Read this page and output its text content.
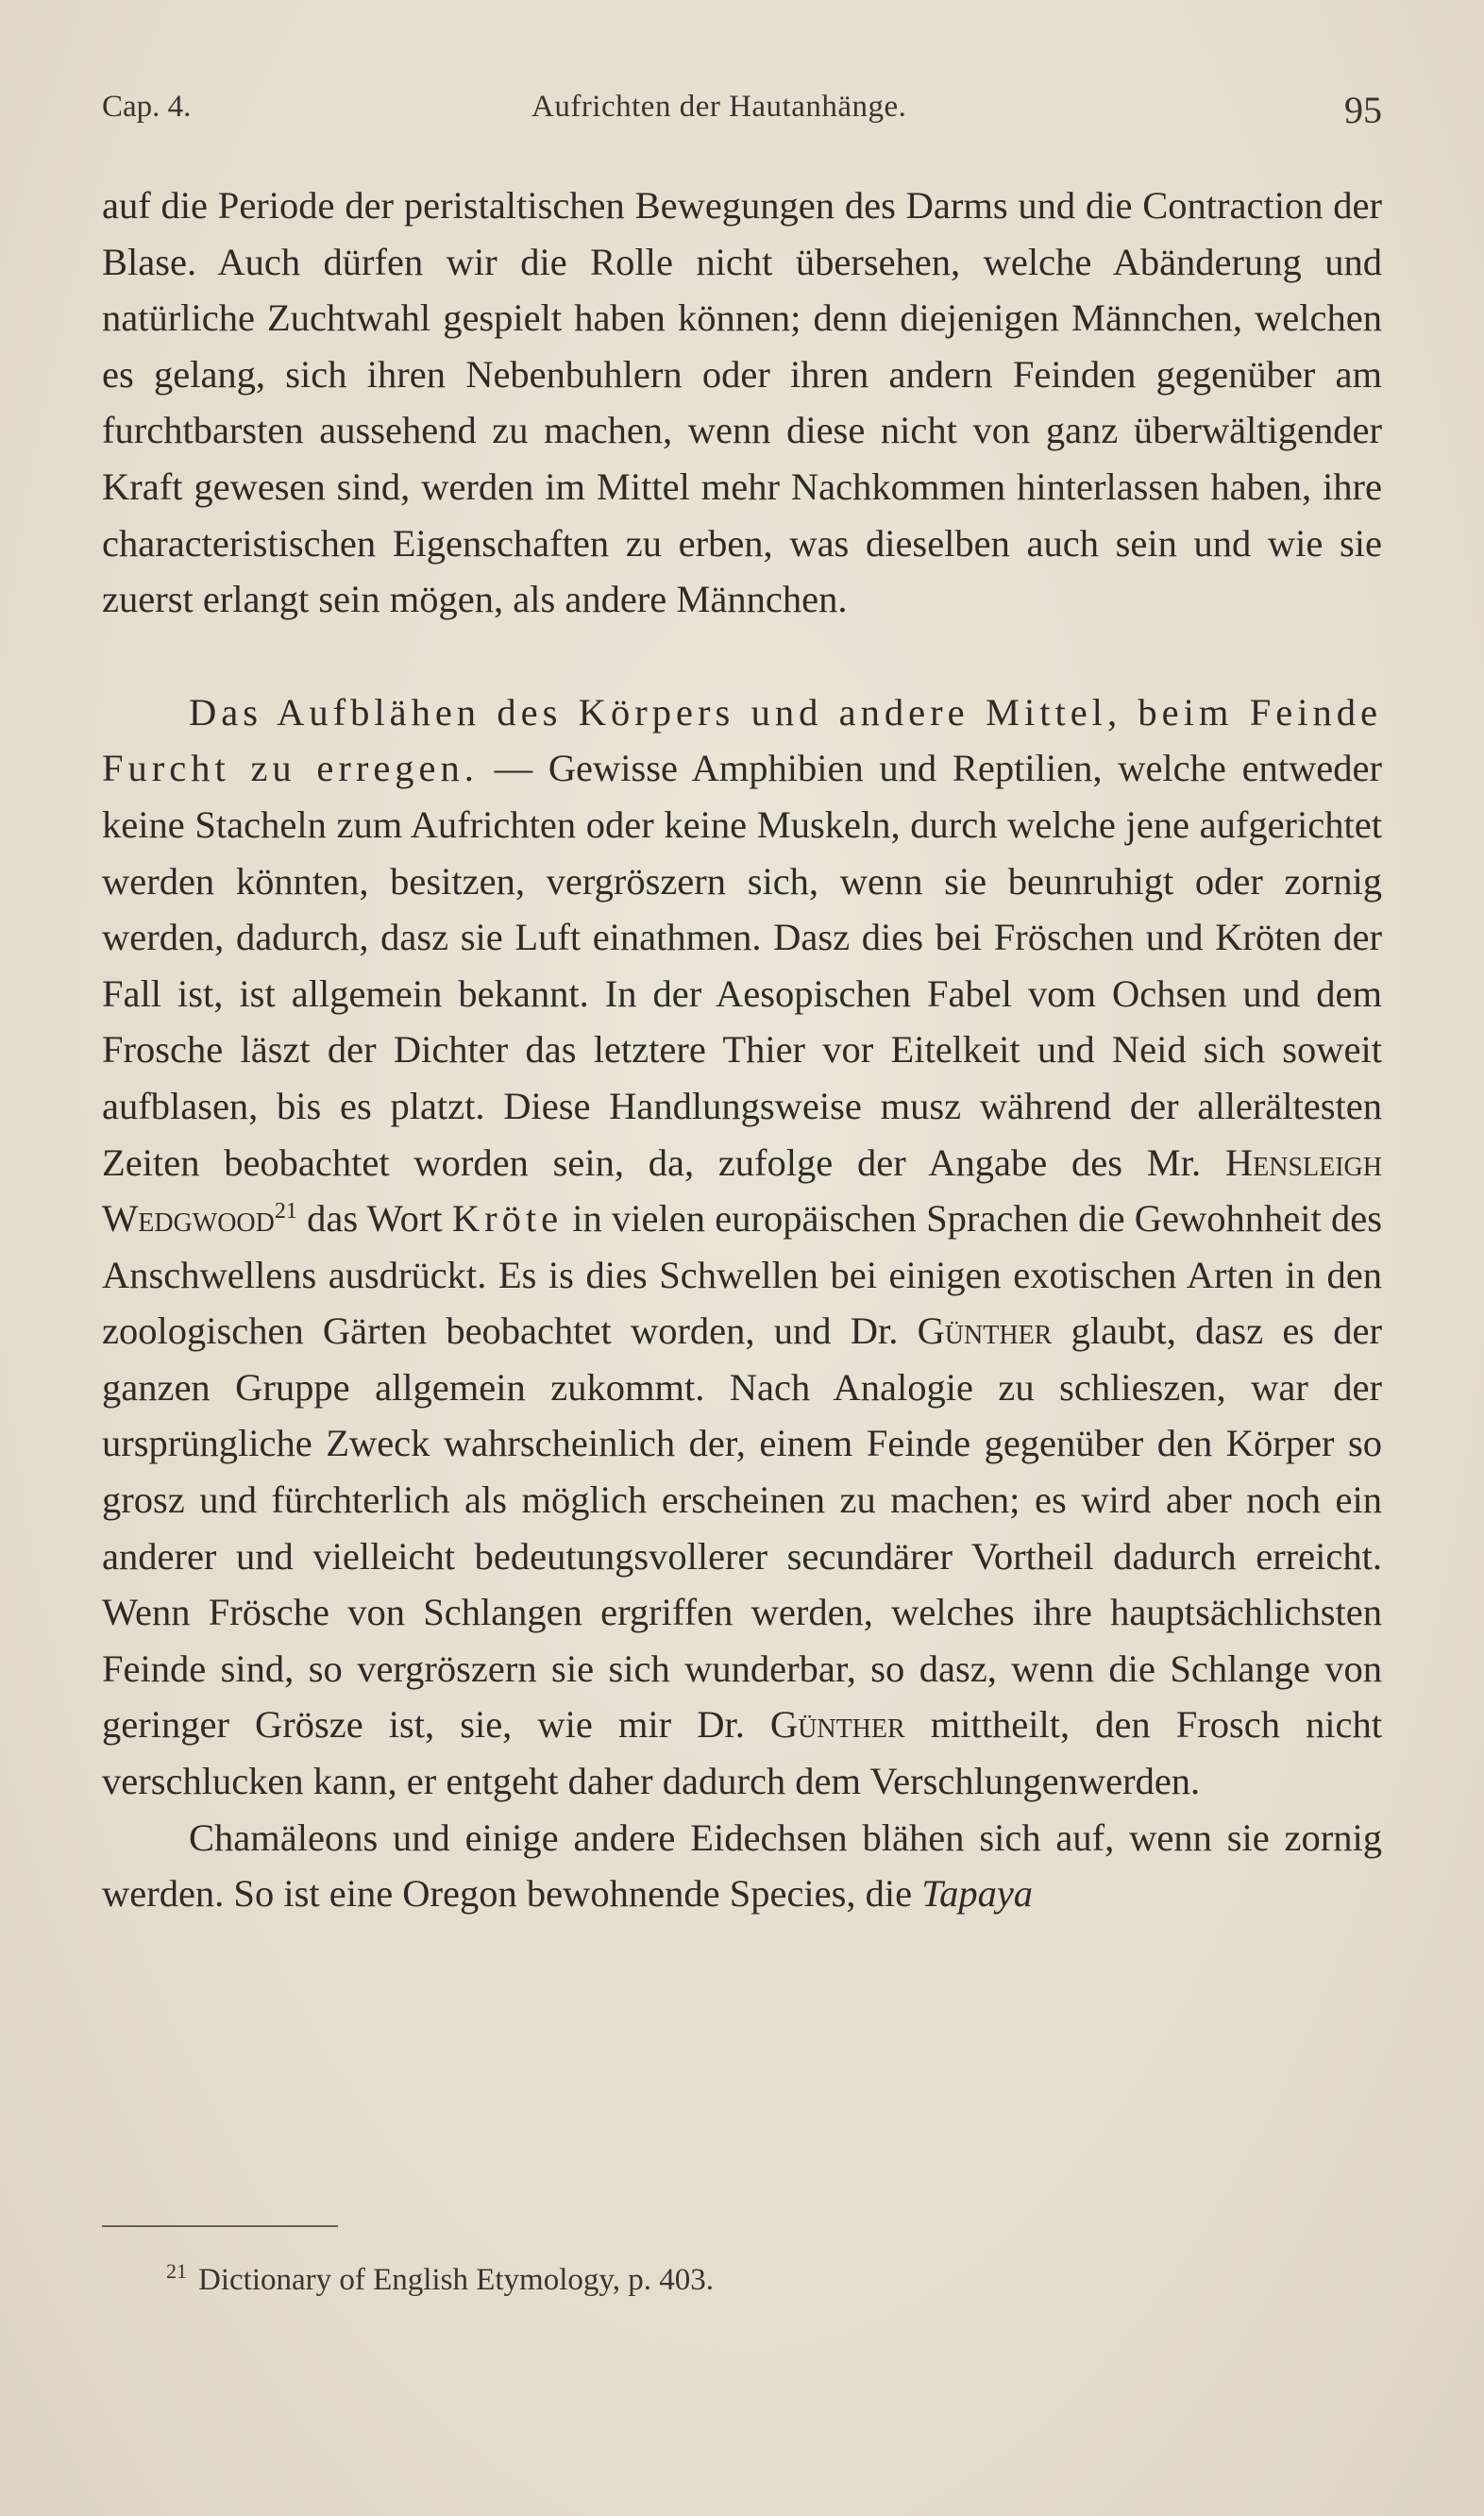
Cap. 4.	Aufrichten der Hautanhänge.	95

auf die Periode der peristaltischen Bewegungen des Darms und die Contraction der Blase. Auch dürfen wir die Rolle nicht übersehen, welche Abänderung und natürliche Zuchtwahl gespielt haben können; denn diejenigen Männchen, welchen es gelang, sich ihren Nebenbuhlern oder ihren andern Feinden gegenüber am furchtbarsten aussehend zu machen, wenn diese nicht von ganz überwältigender Kraft gewesen sind, werden im Mittel mehr Nachkommen hinterlassen haben, ihre characteristischen Eigenschaften zu erben, was dieselben auch sein und wie sie zuerst erlangt sein mögen, als andere Männchen.

Das Aufblähen des Körpers und andere Mittel, beim Feinde Furcht zu erregen. — Gewisse Amphibien und Reptilien, welche entweder keine Stacheln zum Aufrichten oder keine Muskeln, durch welche jene aufgerichtet werden könnten, besitzen, vergröszern sich, wenn sie beunruhigt oder zornig werden, dadurch, dasz sie Luft einathmen. Dasz dies bei Fröschen und Kröten der Fall ist, ist allgemein bekannt. In der Aesopischen Fabel vom Ochsen und dem Frosche läszt der Dichter das letztere Thier vor Eitelkeit und Neid sich soweit aufblasen, bis es platzt. Diese Handlungsweise musz während der allerältesten Zeiten beobachtet worden sein, da, zufolge der Angabe des Mr. Hensleigh Wedgwood$^{21}$ das Wort Kröte in vielen europäischen Sprachen die Gewohnheit des Anschwellens ausdrückt. Es is dies Schwellen bei einigen exotischen Arten in den zoologischen Gärten beobachtet worden, und Dr. Günther glaubt, dasz es der ganzen Gruppe allgemein zukommt. Nach Analogie zu schlieszen, war der ursprüngliche Zweck wahrscheinlich der, einem Feinde gegenüber den Körper so grosz und fürchterlich als möglich erscheinen zu machen; es wird aber noch ein anderer und vielleicht bedeutungsvollerer secundärer Vortheil dadurch erreicht. Wenn Frösche von Schlangen ergriffen werden, welches ihre hauptsächlichsten Feinde sind, so vergröszern sie sich wunderbar, so dasz, wenn die Schlange von geringer Grösze ist, sie, wie mir Dr. Günther mittheilt, den Frosch nicht verschlucken kann, er entgeht daher dadurch dem Verschlungenwerden.

Chamäleons und einige andere Eidechsen blähen sich auf, wenn sie zornig werden. So ist eine Oregon bewohnende Species, die Tapaya

$^{21}$ Dictionary of English Etymology, p. 403.
